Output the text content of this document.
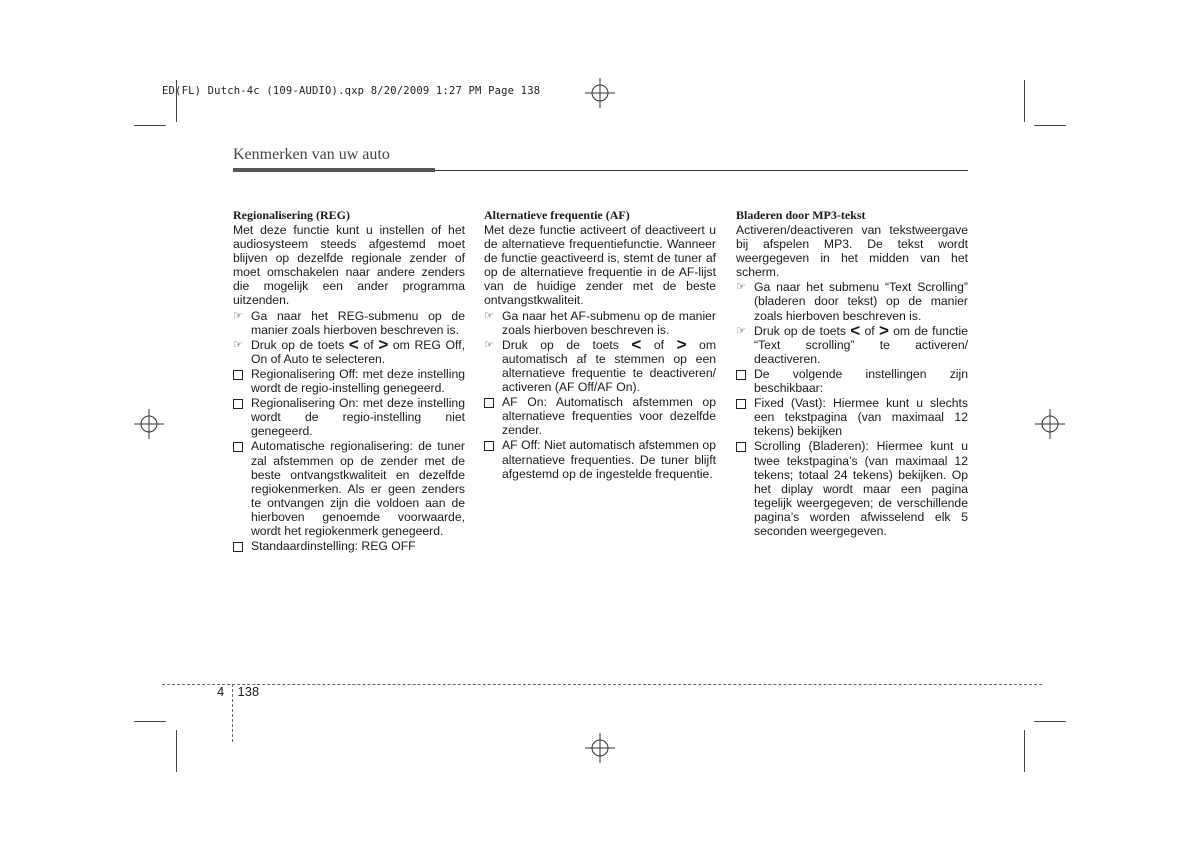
ED(FL) Dutch-4c (109-AUDIO).qxp 8/20/2009 1:27 PM Page 138
Kenmerken van uw auto
Regionalisering (REG)

Met deze functie kunt u instellen of het audiosysteem steeds afgestemd moet blijven op dezelfde regionale zender of moet omschakelen naar andere zenders die mogelijk een ander programma uitzenden.

☞ Ga naar het REG-submenu op de manier zoals hierboven beschreven is.
☞ Druk op de toets < of > om REG Off, On of Auto te selecteren.
Regionalisering Off: met deze instelling wordt de regio-instelling genegeerd.
Regionalisering On: met deze instelling wordt de regio-instelling niet genegeerd.
Automatische regionalisering: de tuner zal afstemmen op de zender met de beste ontvangstkwaliteit en dezelfde regiokenmerken. Als er geen zenders te ontvangen zijn die voldoen aan de hierboven genoemde voorwaarde, wordt het regiokenmerk genegeerd.
Standaardinstelling: REG OFF
Alternatieve frequentie (AF)

Met deze functie activeert of deactiveert u de alternatieve frequentiefunctie. Wanneer de functie geactiveerd is, stemt de tuner af op de alternatieve frequentie in de AF-lijst van de huidige zender met de beste ontvangstkwaliteit.

☞ Ga naar het AF-submenu op de manier zoals hierboven beschreven is.
☞ Druk op de toets < of > om automatisch af te stemmen op een alternatieve frequentie te deactiveren/ activeren (AF Off/AF On).
AF On: Automatisch afstemmen op alternatieve frequenties voor dezelfde zender.
AF Off: Niet automatisch afstemmen op alternatieve frequenties. De tuner blijft afgestemd op de ingestelde frequentie.
Bladeren door MP3-tekst

Activeren/deactiveren van tekstweergave bij afspelen MP3. De tekst wordt weergegeven in het midden van het scherm.

☞ Ga naar het submenu “Text Scrolling” (bladeren door tekst) op de manier zoals hierboven beschreven is.
☞ Druk op de toets < of > om de functie “Text scrolling” te activeren/ deactiveren.
De volgende instellingen zijn beschikbaar:
Fixed (Vast): Hiermee kunt u slechts een tekstpagina (van maximaal 12 tekens) bekijken
Scrolling (Bladeren): Hiermee kunt u twee tekstpagina’s (van maximaal 12 tekens; totaal 24 tekens) bekijken. Op het diplay wordt maar een pagina tegelijk weergegeven; de verschillende pagina’s worden afwisselend elk 5 seconden weergegeven.
4 138
